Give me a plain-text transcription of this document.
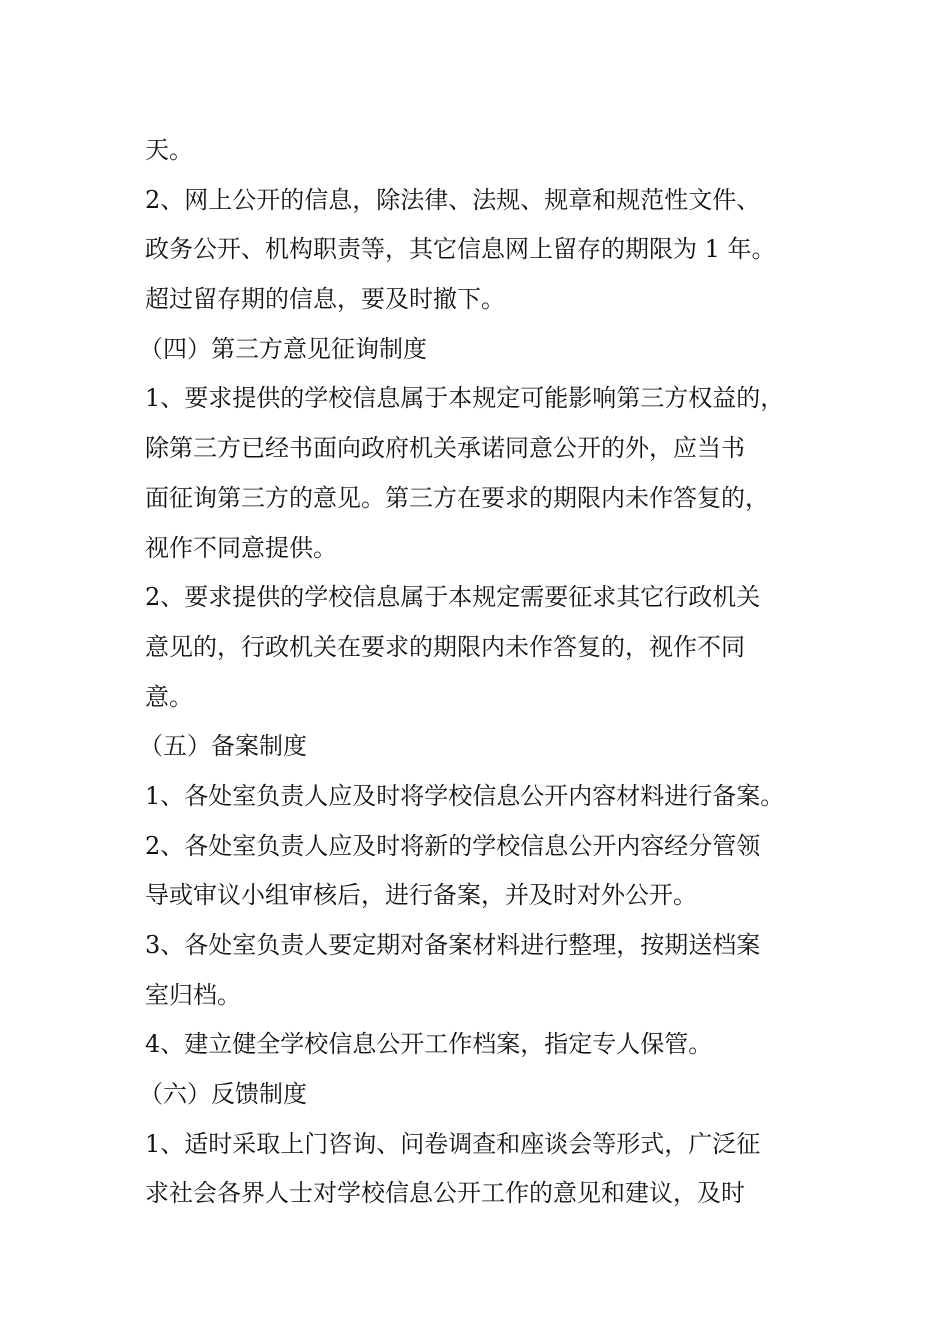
天。
2、网上公开的信息，除法律、法规、规章和规范性文件、
政务公开、机构职责等，其它信息网上留存的期限为 1 年。
超过留存期的信息，要及时撤下。
（四）第三方意见征询制度
1、要求提供的学校信息属于本规定可能影响第三方权益的，
除第三方已经书面向政府机关承诺同意公开的外，应当书
面征询第三方的意见。第三方在要求的期限内未作答复的，
视作不同意提供。
2、要求提供的学校信息属于本规定需要征求其它行政机关
意见的，行政机关在要求的期限内未作答复的，视作不同
意。
（五）备案制度
1、各处室负责人应及时将学校信息公开内容材料进行备案。
2、各处室负责人应及时将新的学校信息公开内容经分管领
导或审议小组审核后，进行备案，并及时对外公开。
3、各处室负责人要定期对备案材料进行整理，按期送档案
室归档。
4、建立健全学校信息公开工作档案，指定专人保管。
（六）反馈制度
1、适时采取上门咨询、问卷调查和座谈会等形式，广泛征
求社会各界人士对学校信息公开工作的意见和建议，及时
